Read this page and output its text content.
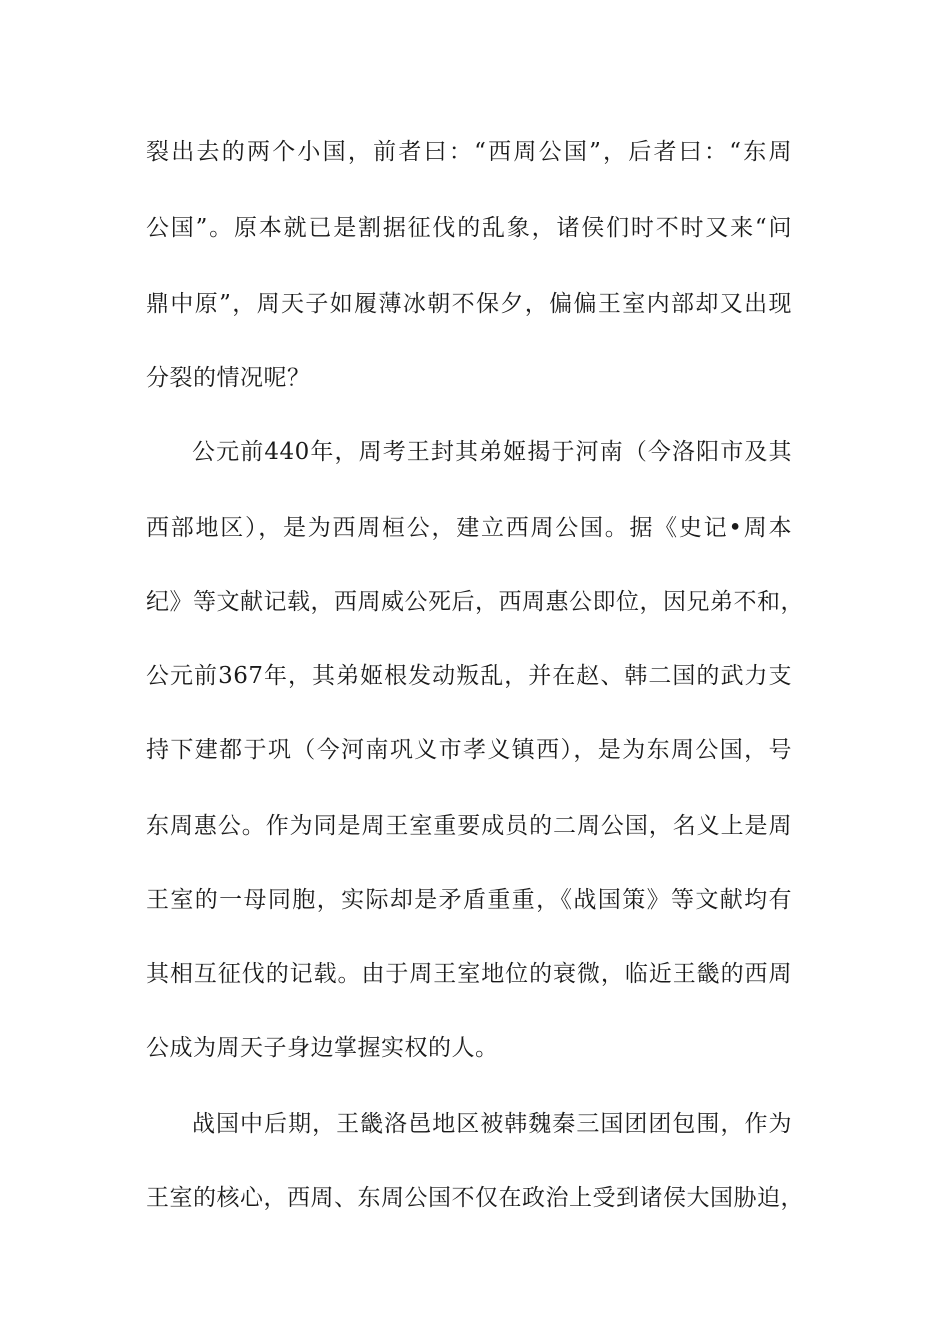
裂出去的两个小国，前者曰：“西周公国”，后者曰：“东周
公国”。原本就已是割据征伐的乱象，诸侯们时不时又来“问
鼎中原”，周天子如履薄冰朝不保夕，偏偏王室内部却又出现
分裂的情况呢？
公元前440年，周考王封其弟姬揭于河南（今洛阳市及其
西部地区），是为西周桓公，建立西周公国。据《史记•周本
纪》等文献记载，西周威公死后，西周惠公即位，因兄弟不和，
公元前367年，其弟姬根发动叛乱，并在赵、韩二国的武力支
持下建都于巩（今河南巩义市孝义镇西），是为东周公国，号
东周惠公。作为同是周王室重要成员的二周公国，名义上是周
王室的一母同胞，实际却是矛盾重重，《战国策》等文献均有
其相互征伐的记载。由于周王室地位的衰微，临近王畿的西周
公成为周天子身边掌握实权的人。
战国中后期，王畿洛邑地区被韩魏秦三国团团包围，作为
王室的核心，西周、东周公国不仅在政治上受到诸侯大国胁迫，
